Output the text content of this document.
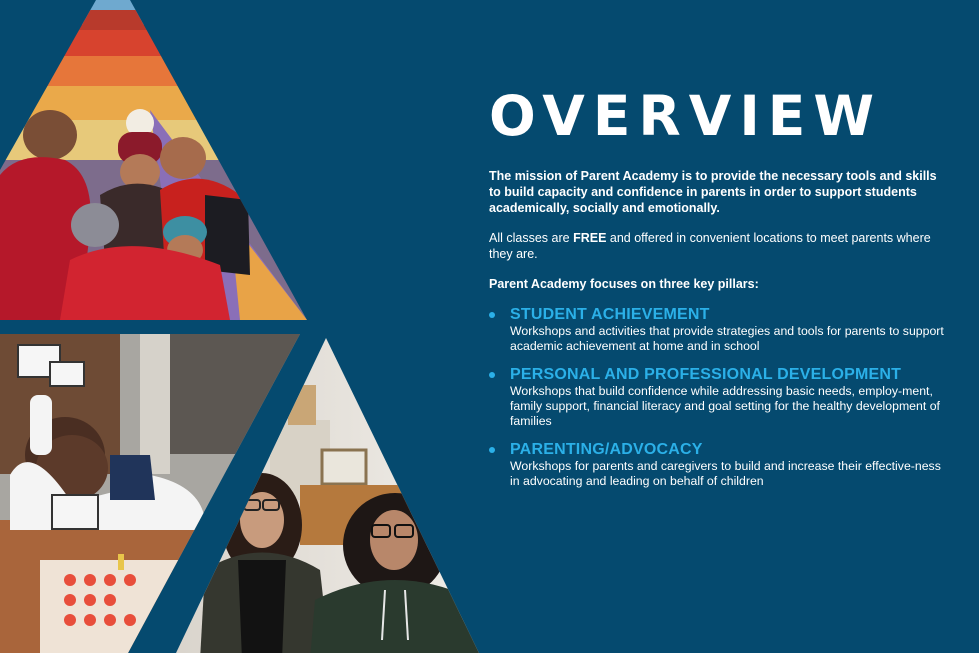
OVERVIEW

The mission of Parent Academy is to provide the necessary tools and skills to build capacity and confidence in parents in order to support students academically, socially and emotionally.

All classes are FREE and offered in convenient locations to meet parents where they are.

Parent Academy focuses on three key pillars:

STUDENT ACHIEVEMENT
Workshops and activities that provide strategies and tools for parents to support academic achievement at home and in school
PERSONAL AND PROFESSIONAL DEVELOPMENT
Workshops that build confidence while addressing basic needs, employ-ment, family support, financial literacy and goal setting for the healthy development of families
PARENTING/ADVOCACY
Workshops for parents and caregivers to build and increase their effective-ness in advocating and leading on behalf of children
